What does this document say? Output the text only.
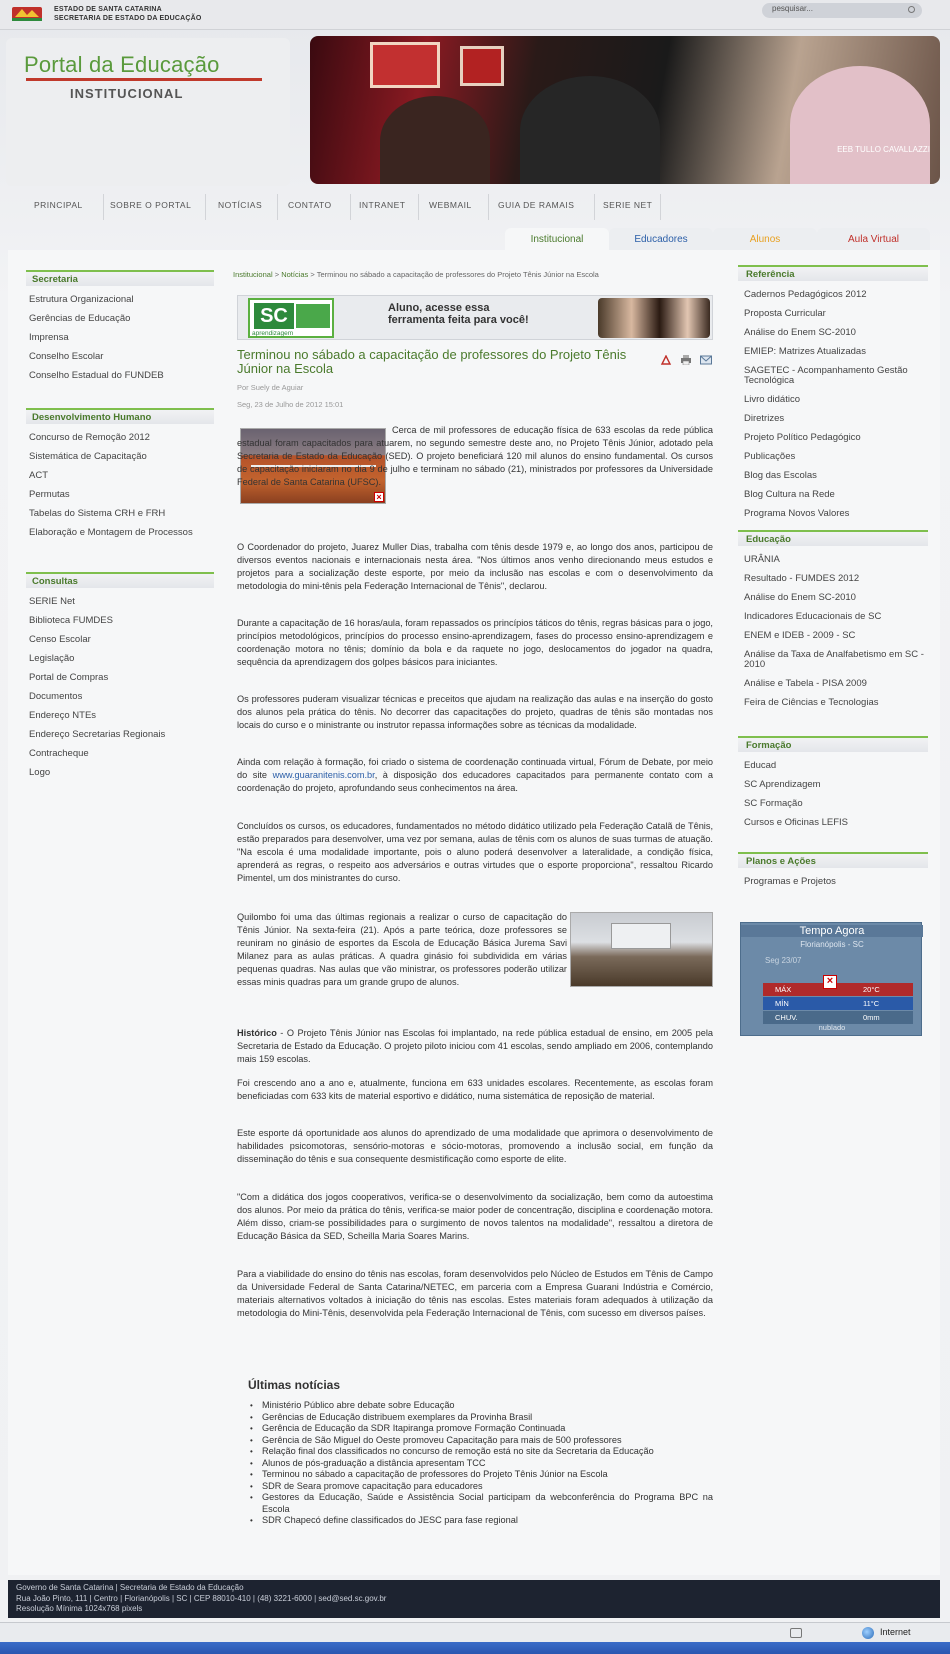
ESTADO DE SANTA CATARINA
SECRETARIA DE ESTADO DA EDUCAÇÃO
pesquisar...
Portal da Educação
INSTITUCIONAL
EEB TULLO CAVALLAZZI
PRINCIPAL	SOBRE O PORTAL	NOTÍCIAS	CONTATO	INTRANET	WEBMAIL	GUIA DE RAMAIS	SERIE NET
Institucional	Educadores	Alunos	Aula Virtual
Secretaria
Estrutura Organizacional
Gerências de Educação
Imprensa
Conselho Escolar
Conselho Estadual do FUNDEB
Desenvolvimento Humano
Concurso de Remoção 2012
Sistemática de Capacitação
ACT
Permutas
Tabelas do Sistema CRH e FRH
Elaboração e Montagem de Processos
Consultas
SERIE Net
Biblioteca FUMDES
Censo Escolar
Legislação
Portal de Compras
Documentos
Endereço NTEs
Endereço Secretarias Regionais
Contracheque
Logo
Referência
Cadernos Pedagógicos 2012
Proposta Curricular
Análise do Enem SC-2010
EMIEP: Matrizes Atualizadas
SAGETEC - Acompanhamento Gestão Tecnológica
Livro didático
Diretrizes
Projeto Político Pedagógico
Publicações
Blog das Escolas
Blog Cultura na Rede
Programa Novos Valores
Educação
URÂNIA
Resultado - FUMDES 2012
Análise do Enem SC-2010
Indicadores Educacionais de SC
ENEM e IDEB - 2009 - SC
Análise da Taxa de Analfabetismo em SC - 2010
Análise e Tabela - PISA 2009
Feira de Ciências e Tecnologias
Formação
Educad
SC Aprendizagem
SC Formação
Cursos e Oficinas LEFIS
Planos e Ações
Programas e Projetos
Tempo Agora
Florianópolis - SC
Seg 23/07
MÁX	20°C
MÍN	11°C
CHUV.	0mm
×
nublado
Institucional > Notícias > Terminou no sábado a capacitação de professores do Projeto Tênis Júnior na Escola
SC
aprendizagem
Aluno, acesse essa
ferramenta feita para você!
Terminou no sábado a capacitação de professores do Projeto Tênis Júnior na Escola
Por Suely de Aguiar
Seg, 23 de Julho de 2012 15:01
×
Cerca de mil professores de educação física de 633 escolas da rede pública estadual foram capacitados para atuarem, no segundo semestre deste ano, no Projeto Tênis Júnior, adotado pela Secretaria de Estado da Educação (SED). O projeto beneficiará 120 mil alunos do ensino fundamental. Os cursos de capacitação iniciaram no dia 9 de julho e terminam no sábado (21), ministrados por professores da Universidade Federal de Santa Catarina (UFSC).
O Coordenador do projeto, Juarez Muller Dias, trabalha com tênis desde 1979 e, ao longo dos anos, participou de diversos eventos nacionais e internacionais nesta área. "Nos últimos anos venho direcionando meus estudos e projetos para a socialização deste esporte, por meio da inclusão nas escolas e com o desenvolvimento da metodologia do mini-tênis pela Federação Internacional de Tênis", declarou.
Durante a capacitação de 16 horas/aula, foram repassados os princípios táticos do tênis, regras básicas para o jogo, princípios metodológicos, princípios do processo ensino-aprendizagem, fases do processo ensino-aprendizagem e coordenação motora no tênis; domínio da bola e da raquete no jogo, deslocamentos do jogador na quadra, sequência da aprendizagem dos golpes básicos para iniciantes.
Os professores puderam visualizar técnicas e preceitos que ajudam na realização das aulas e na inserção do gosto dos alunos pela prática do tênis. No decorrer das capacitações do projeto, quadras de tênis são montadas nos locais do curso e o ministrante ou instrutor repassa informações sobre as técnicas da modalidade.
Ainda com relação à formação, foi criado o sistema de coordenação continuada virtual, Fórum de Debate, por meio do site www.guaranitenis.com.br, à disposição dos educadores capacitados para permanente contato com a coordenação do projeto, aprofundando seus conhecimentos na área.
Concluídos os cursos, os educadores, fundamentados no método didático utilizado pela Federação Catalã de Tênis, estão preparados para desenvolver, uma vez por semana, aulas de tênis com os alunos de suas turmas de atuação. "Na escola é uma modalidade importante, pois o aluno poderá desenvolver a lateralidade, a condição física, aprenderá as regras, o respeito aos adversários e outras virtudes que o esporte proporciona", ressaltou Ricardo Pimentel, um dos ministrantes do curso.
Quilombo foi uma das últimas regionais a realizar o curso de capacitação do Tênis Júnior. Na sexta-feira (21). Após a parte teórica, doze professores se reuniram no ginásio de esportes da Escola de Educação Básica Jurema Savi Milanez para as aulas práticas. A quadra ginásio foi subdividida em várias pequenas quadras. Nas aulas que vão ministrar, os professores poderão utilizar essas minis quadras para um grande grupo de alunos.
Histórico - O Projeto Tênis Júnior nas Escolas foi implantado, na rede pública estadual de ensino, em 2005 pela Secretaria de Estado da Educação. O projeto piloto iniciou com 41 escolas, sendo ampliado em 2006, contemplando mais 159 escolas.
Foi crescendo ano a ano e, atualmente, funciona em 633 unidades escolares. Recentemente, as escolas foram beneficiadas com 633 kits de material esportivo e didático, numa sistemática de reposição de material.
Este esporte dá oportunidade aos alunos do aprendizado de uma modalidade que aprimora o desenvolvimento de habilidades psicomotoras, sensório-motoras e sócio-motoras, promovendo a inclusão social, em função da disseminação do tênis e sua consequente desmistificação como esporte de elite.
"Com a didática dos jogos cooperativos, verifica-se o desenvolvimento da socialização, bem como da autoestima dos alunos. Por meio da prática do tênis, verifica-se maior poder de concentração, disciplina e coordenação motora. Além disso, criam-se possibilidades para o surgimento de novos talentos na modalidade", ressaltou a diretora de Educação Básica da SED, Scheilla Maria Soares Marins.
Para a viabilidade do ensino do tênis nas escolas, foram desenvolvidos pelo Núcleo de Estudos em Tênis de Campo da Universidade Federal de Santa Catarina/NETEC, em parceria com a Empresa Guarani Indústria e Comércio, materiais alternativos voltados à iniciação do tênis nas escolas. Estes materiais foram adequados à utilização da metodologia do Mini-Tênis, desenvolvida pela Federação Internacional de Tênis, com sucesso em diversos países.
Últimas notícias
• Ministério Público abre debate sobre Educação
• Gerências de Educação distribuem exemplares da Provinha Brasil
• Gerência de Educação da SDR Itapiranga promove Formação Continuada
• Gerência de São Miguel do Oeste promoveu Capacitação para mais de 500 professores
• Relação final dos classificados no concurso de remoção está no site da Secretaria da Educação
• Alunos de pós-graduação a distância apresentam TCC
• Terminou no sábado a capacitação de professores do Projeto Tênis Júnior na Escola
• SDR de Seara promove capacitação para educadores
• Gestores da Educação, Saúde e Assistência Social participam da webconferência do Programa BPC na Escola
• SDR Chapecó define classificados do JESC para fase regional
Governo de Santa Catarina | Secretaria de Estado da Educação
Rua João Pinto, 111 | Centro | Florianópolis | SC | CEP 88010-410 | (48) 3221-6000 | sed@sed.sc.gov.br
Resolução Mínima 1024x768 pixels
Internet
